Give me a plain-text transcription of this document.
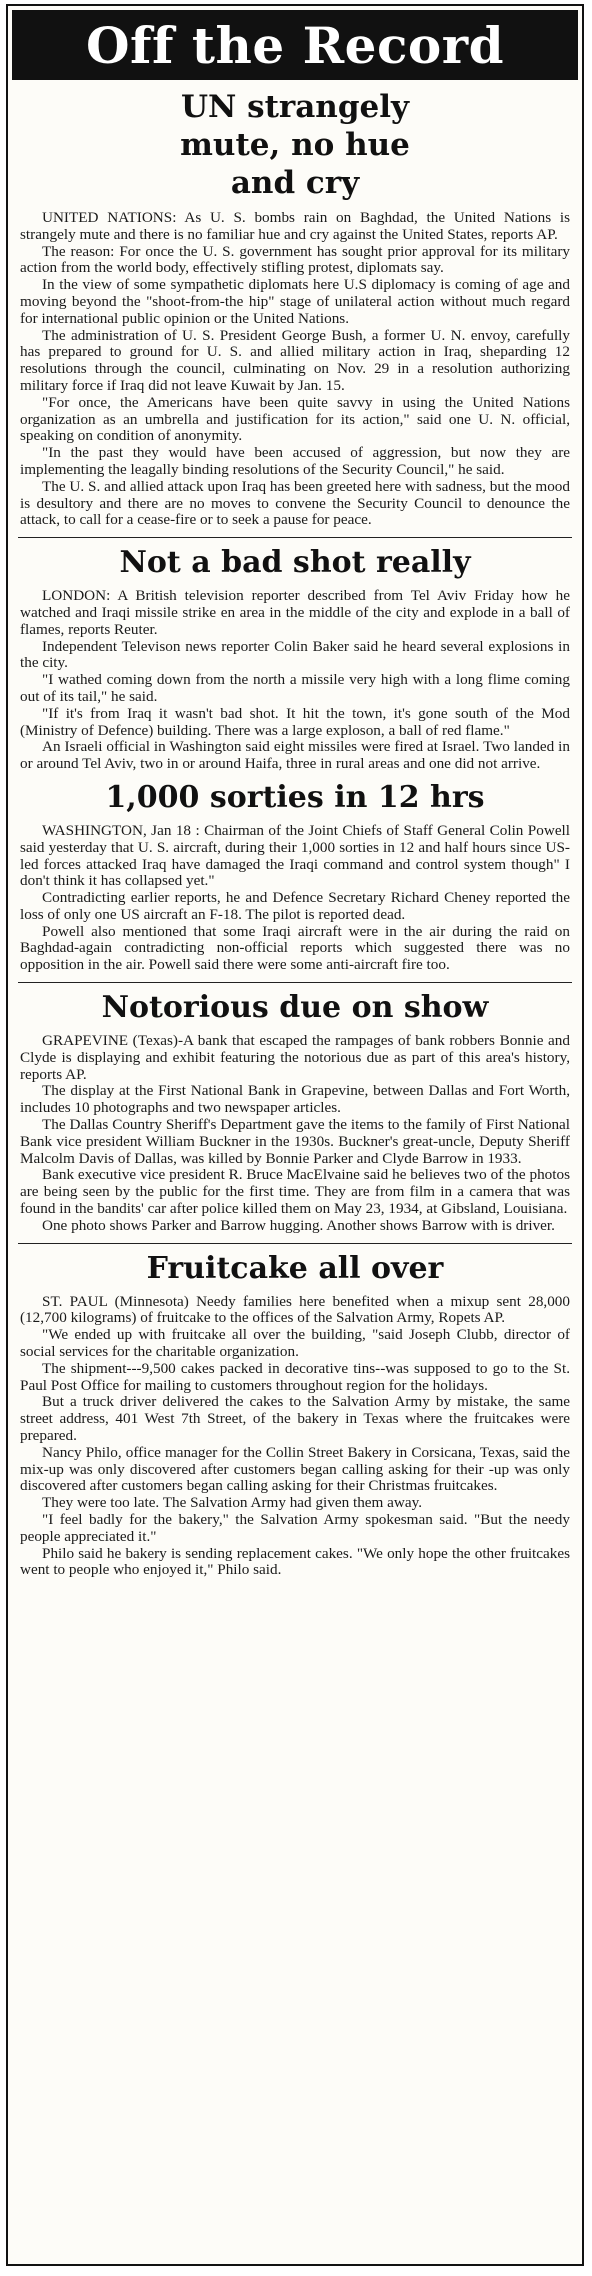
Off the Record
UN strangely mute, no hue and cry

UNITED NATIONS: As U. S. bombs rain on Baghdad, the United Nations is strangely mute and there is no familiar hue and cry against the United States, reports AP.

The reason: For once the U. S. government has sought prior approval for its military action from the world body, effectively stifling protest, diplomats say.

In the view of some sympathetic diplomats here U.S diplomacy is coming of age and moving beyond the "shoot-from-the hip" stage of unilateral action without much regard for international public opinion or the United Nations.

The administration of U. S. President George Bush, a former U. N. envoy, carefully has prepared to ground for U. S. and allied military action in Iraq, sheparding 12 resolutions through the council, culminating on Nov. 29 in a resolution authorizing military force if Iraq did not leave Kuwait by Jan. 15.

"For once, the Americans have been quite savvy in using the United Nations organization as an umbrella and justification for its action," said one U. N. official, speaking on condition of anonymity.

"In the past they would have been accused of aggression, but now they are implementing the leagally binding resolutions of the Security Council," he said.

The U. S. and allied attack upon Iraq has been greeted here with sadness, but the mood is desultory and there are no moves to convene the Security Council to denounce the attack, to call for a cease-fire or to seek a pause for peace.

Not a bad shot really

LONDON: A British television reporter described from Tel Aviv Friday how he watched and Iraqi missile strike en area in the middle of the city and explode in a ball of flames, reports Reuter.

Independent Televison news reporter Colin Baker said he heard several explosions in the city.

"I wathed coming down from the north a missile very high with a long flime coming out of its tail," he said.

"If it's from Iraq it wasn't bad shot. It hit the town, it's gone south of the Mod (Ministry of Defence) building. There was a large exploson, a ball of red flame."

An Israeli official in Washington said eight missiles were fired at Israel. Two landed in or around Tel Aviv, two in or around Haifa, three in rural areas and one did not arrive.

1,000 sorties in 12 hrs

WASHINGTON, Jan 18 : Chairman of the Joint Chiefs of Staff General Colin Powell said yesterday that U. S. aircraft, during their 1,000 sorties in 12 and half hours since US-led forces attacked Iraq have damaged the Iraqi command and control system though" I don't think it has collapsed yet."

Contradicting earlier reports, he and Defence Secretary Richard Cheney reported the loss of only one US aircraft an F-18. The pilot is reported dead.

Powell also mentioned that some Iraqi aircraft were in the air during the raid on Baghdad-again contradicting non-official reports which suggested there was no opposition in the air. Powell said there were some anti-aircraft fire too.

Notorious due on show

GRAPEVINE (Texas)-A bank that escaped the rampages of bank robbers Bonnie and Clyde is displaying and exhibit featuring the notorious due as part of this area's history, reports AP.

The display at the First National Bank in Grapevine, between Dallas and Fort Worth, includes 10 photographs and two newspaper articles.

The Dallas Country Sheriff's Department gave the items to the family of First National Bank vice president William Buckner in the 1930s. Buckner's great-uncle, Deputy Sheriff Malcolm Davis of Dallas, was killed by Bonnie Parker and Clyde Barrow in 1933.

Bank executive vice president R. Bruce MacElvaine said he believes two of the photos are being seen by the public for the first time. They are from film in a camera that was found in the bandits' car after police killed them on May 23, 1934, at Gibsland, Louisiana.

One photo shows Parker and Barrow hugging. Another shows Barrow with is driver.

Fruitcake all over

ST. PAUL (Minnesota) Needy families here benefited when a mixup sent 28,000 (12,700 kilograms) of fruitcake to the offices of the Salvation Army, Ropets AP.

"We ended up with fruitcake all over the building, "said Joseph Clubb, director of social services for the charitable organization.

The shipment---9,500 cakes packed in decorative tins--was supposed to go to the St. Paul Post Office for mailing to customers throughout region for the holidays.

But a truck driver delivered the cakes to the Salvation Army by mistake, the same street address, 401 West 7th Street, of the bakery in Texas where the fruitcakes were prepared.

Nancy Philo, office manager for the Collin Street Bakery in Corsicana, Texas, said the mix-up was only discovered after customers began calling asking for their -up was only discovered after customers began calling asking for their Christmas fruitcakes.

They were too late. The Salvation Army had given them away.

"I feel badly for the bakery," the Salvation Army spokesman said. "But the needy people appreciated it."

Philo said he bakery is sending replacement cakes. "We only hope the other fruitcakes went to people who enjoyed it," Philo said.
